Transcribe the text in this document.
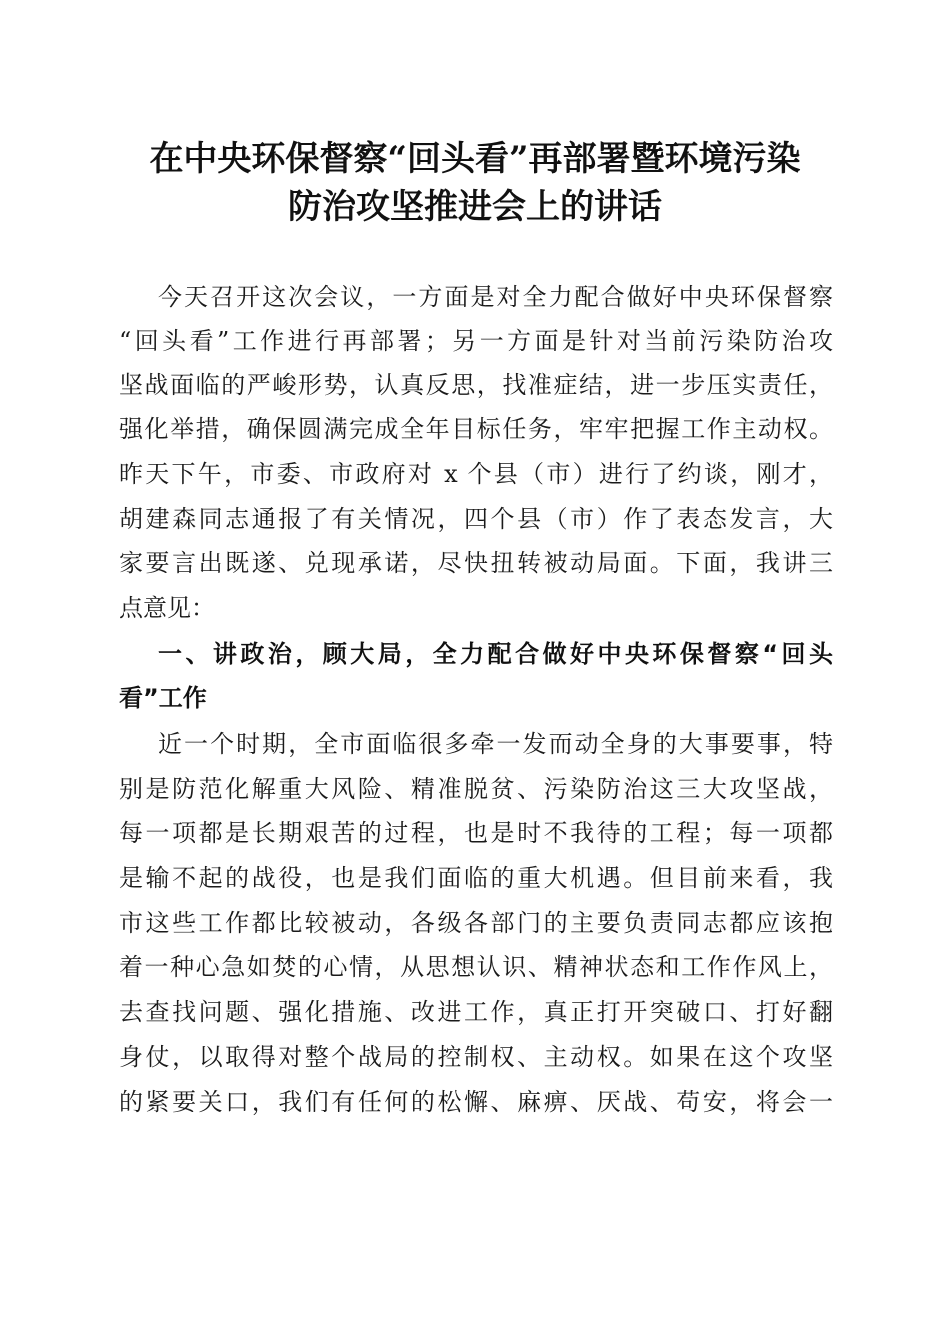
在中央环保督察“回头看”再部署暨环境污染
防治攻坚推进会上的讲话
今天召开这次会议，一方面是对全力配合做好中央环保督察
“回头看”工作进行再部署；另一方面是针对当前污染防治攻
坚战面临的严峻形势，认真反思，找准症结，进一步压实责任，
强化举措，确保圆满完成全年目标任务，牢牢把握工作主动权。
昨天下午，市委、市政府对 x 个县（市）进行了约谈，刚才，
胡建森同志通报了有关情况，四个县（市）作了表态发言，大
家要言出既遂、兑现承诺，尽快扭转被动局面。下面，我讲三
点意见：
一、讲政治，顾大局，全力配合做好中央环保督察“回头
看”工作
近一个时期，全市面临很多牵一发而动全身的大事要事，特
别是防范化解重大风险、精准脱贫、污染防治这三大攻坚战，
每一项都是长期艰苦的过程，也是时不我待的工程；每一项都
是输不起的战役，也是我们面临的重大机遇。但目前来看，我
市这些工作都比较被动，各级各部门的主要负责同志都应该抱
着一种心急如焚的心情，从思想认识、精神状态和工作作风上，
去查找问题、强化措施、改进工作，真正打开突破口、打好翻
身仗，以取得对整个战局的控制权、主动权。如果在这个攻坚
的紧要关口，我们有任何的松懈、麻痹、厌战、苟安，将会一
